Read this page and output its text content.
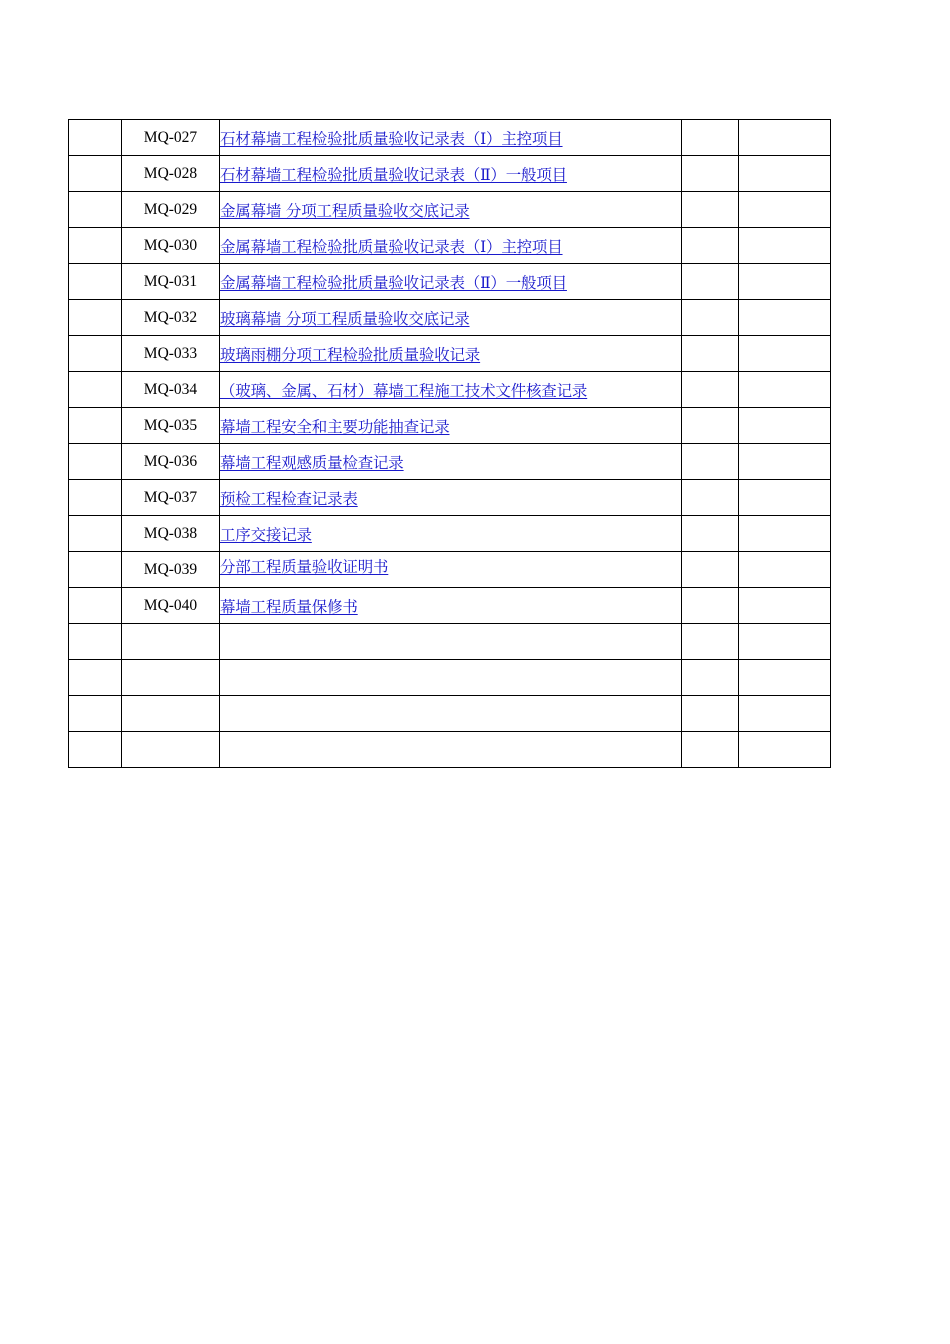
	MQ-027	石材幕墙工程检验批质量验收记录表（Ⅰ）主控项目		
	MQ-028	石材幕墙工程检验批质量验收记录表（Ⅱ）一般项目		
	MQ-029	金属幕墙 分项工程质量验收交底记录		
	MQ-030	金属幕墙工程检验批质量验收记录表（Ⅰ）主控项目		
	MQ-031	金属幕墙工程检验批质量验收记录表（Ⅱ）一般项目		
	MQ-032	玻璃幕墙 分项工程质量验收交底记录		
	MQ-033	玻璃雨棚分项工程检验批质量验收记录		
	MQ-034	（玻璃、金属、石材）幕墙工程施工技术文件核查记录		
	MQ-035	幕墙工程安全和主要功能抽查记录		
	MQ-036	幕墙工程观感质量检查记录		
	MQ-037	预检工程检查记录表		
	MQ-038	工序交接记录		
	MQ-039	分部工程质量验收证明书		
	MQ-040	幕墙工程质量保修书		
